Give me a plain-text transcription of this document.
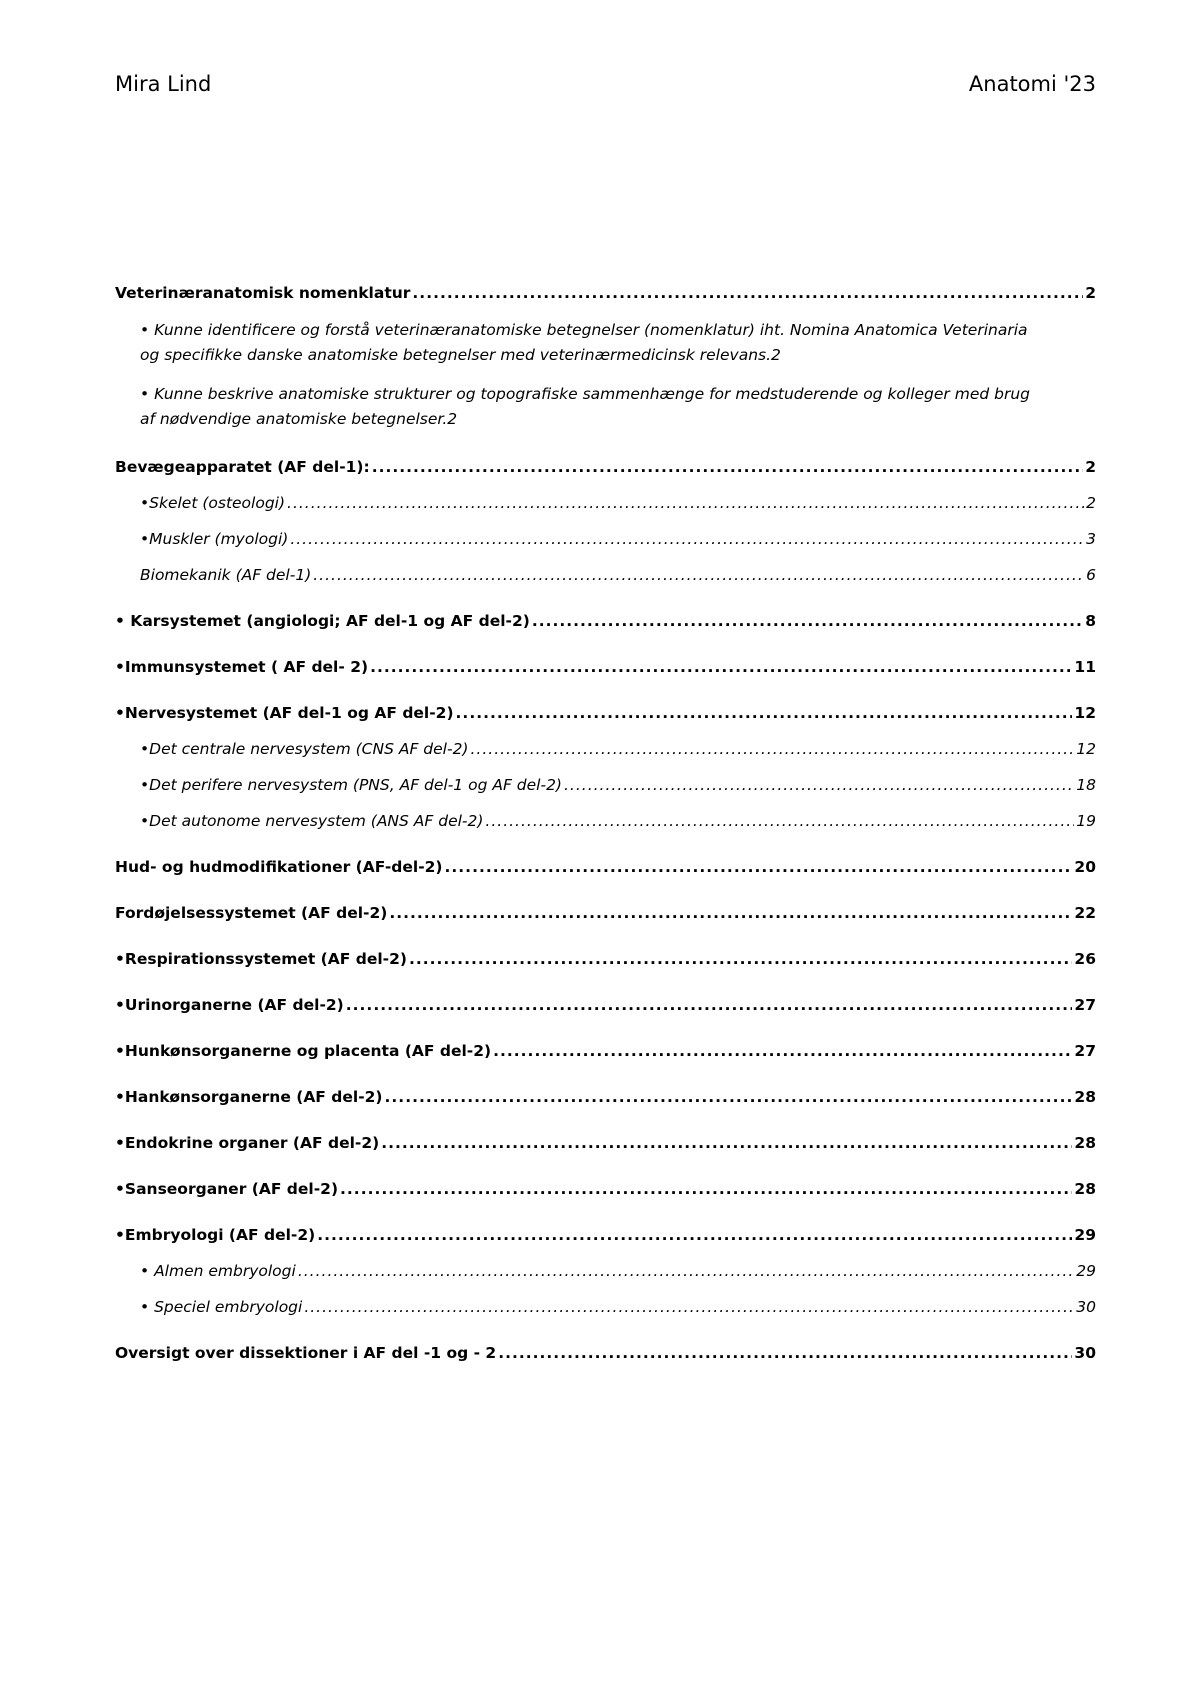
Mira Lind	Anatomi '23
Veterinæranatomisk nomenklatur .....	2
• Kunne identificere og forstå veterinæranatomiske betegnelser (nomenklatur) iht. Nomina Anatomica Veterinaria
og specifikke danske anatomiske betegnelser med veterinærmedicinsk relevans. 2
• Kunne beskrive anatomiske strukturer og topografiske sammenhænge for medstuderende og kolleger med brug
af nødvendige anatomiske betegnelser. 2
Bevægeapparatet (AF del-1): .....	2
•Skelet (osteologi) .....	2
•Muskler (myologi) .....	3
Biomekanik (AF del-1) .....	6
• Karsystemet (angiologi; AF del-1 og AF del-2) .....	8
•Immunsystemet ( AF del- 2) .....	11
•Nervesystemet (AF del-1 og AF del-2) .....	12
•Det centrale nervesystem (CNS AF del-2) .....	12
•Det perifere nervesystem (PNS, AF del-1 og AF del-2) .....	18
•Det autonome nervesystem (ANS AF del-2) .....	19
Hud- og hudmodifikationer (AF-del-2) .....	20
Fordøjelsessystemet (AF del-2) .....	22
•Respirationssystemet (AF del-2) .....	26
•Urinorganerne (AF del-2) .....	27
•Hunkønsorganerne og placenta (AF del-2) .....	27
•Hankønsorganerne (AF del-2) .....	28
•Endokrine organer (AF del-2) .....	28
•Sanseorganer (AF del-2) .....	28
•Embryologi (AF del-2) .....	29
• Almen embryologi .....	29
• Speciel embryologi .....	30
Oversigt over dissektioner i AF del -1 og - 2 .....	30
